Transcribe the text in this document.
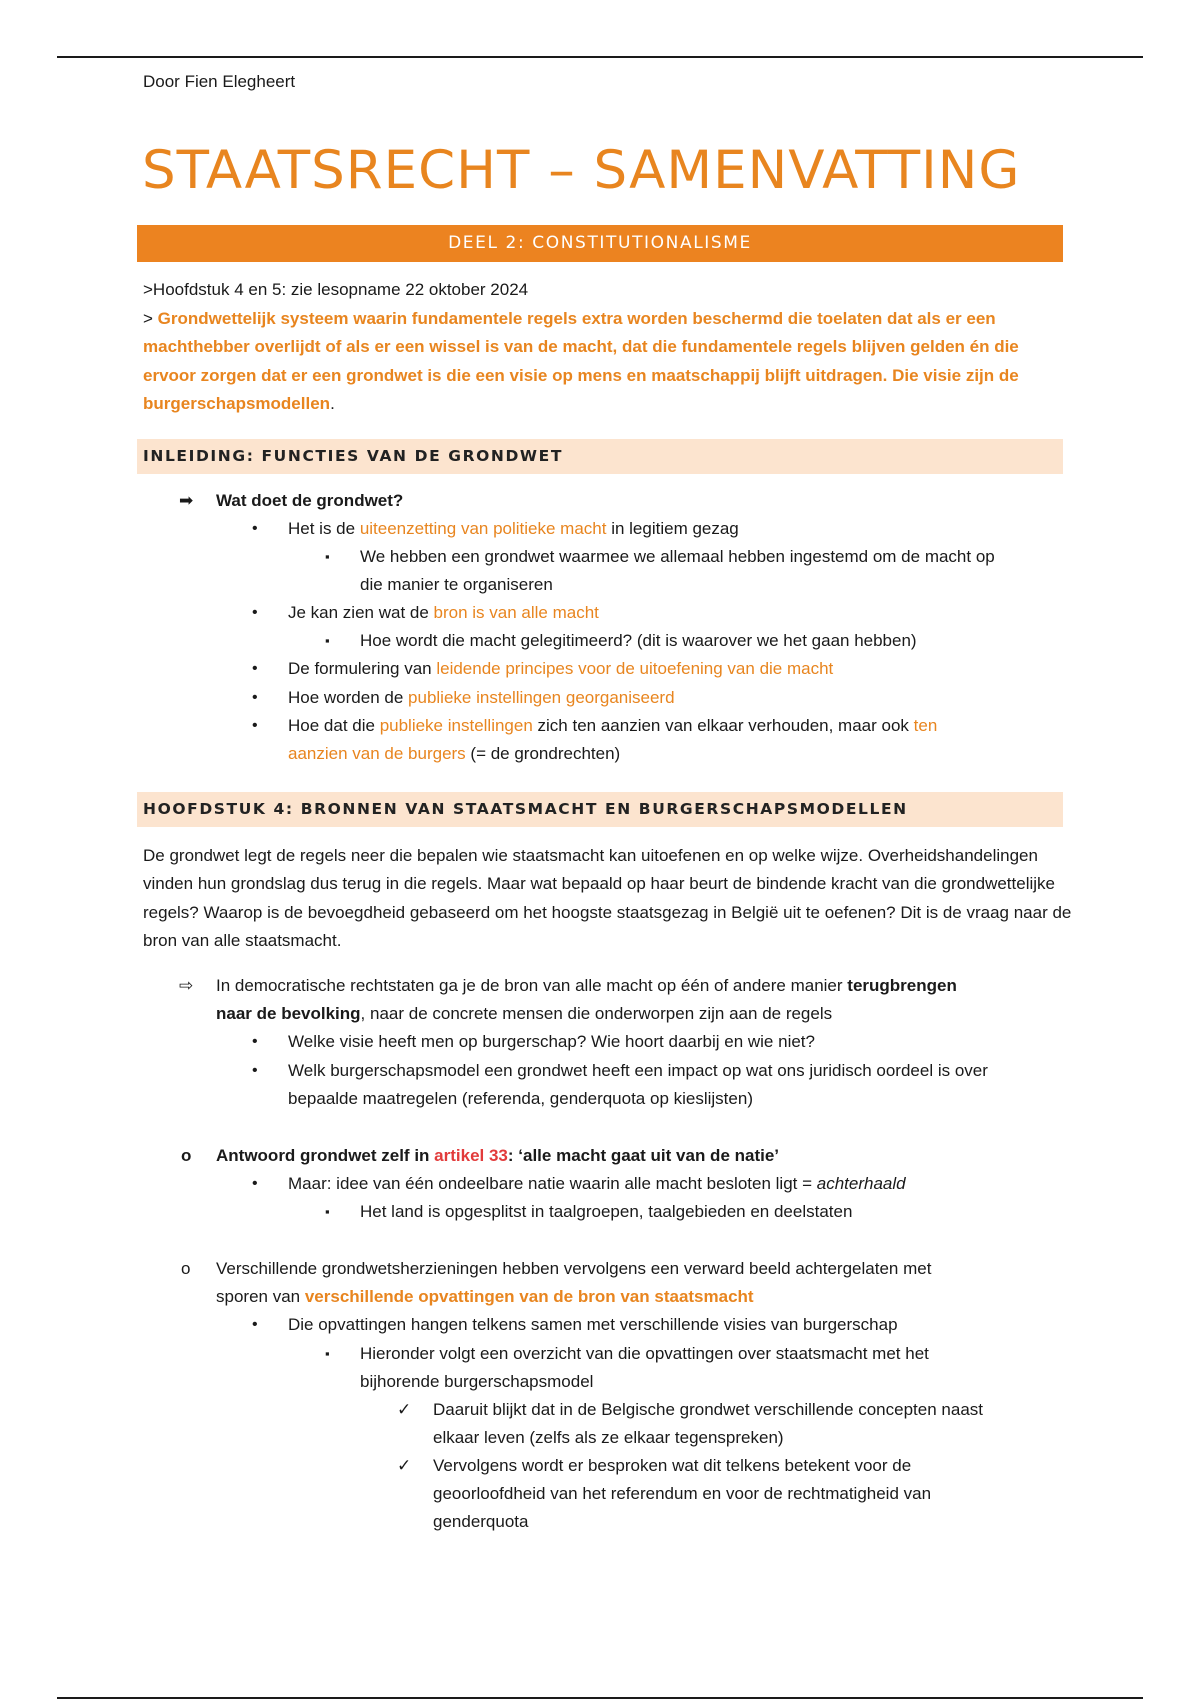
Door Fien Elegheert
STAATSRECHT – SAMENVATTING
DEEL 2: CONSTITUTIONALISME
>Hoofdstuk 4 en 5: zie lesopname 22 oktober 2024
> Grondwettelijk systeem waarin fundamentele regels extra worden beschermd die toelaten dat als er een machthebber overlijdt of als er een wissel is van de macht, dat die fundamentele regels blijven gelden én die ervoor zorgen dat er een grondwet is die een visie op mens en maatschappij blijft uitdragen. Die visie zijn de burgerschapsmodellen.
INLEIDING: FUNCTIES VAN DE GRONDWET
➡ Wat doet de grondwet?
• Het is de uiteenzetting van politieke macht in legitiem gezag
▪ We hebben een grondwet waarmee we allemaal hebben ingestemd om de macht op
die manier te organiseren
• Je kan zien wat de bron is van alle macht
▪ Hoe wordt die macht gelegitimeerd? (dit is waarover we het gaan hebben)
• De formulering van leidende principes voor de uitoefening van die macht
• Hoe worden de publieke instellingen georganiseerd
• Hoe dat die publieke instellingen zich ten aanzien van elkaar verhouden, maar ook ten
aanzien van de burgers (= de grondrechten)
HOOFDSTUK 4: BRONNEN VAN STAATSMACHT EN BURGERSCHAPSMODELLEN
De grondwet legt de regels neer die bepalen wie staatsmacht kan uitoefenen en op welke wijze. Overheidshandelingen vinden hun grondslag dus terug in die regels. Maar wat bepaald op haar beurt de bindende kracht van die grondwettelijke regels? Waarop is de bevoegdheid gebaseerd om het hoogste staatsgezag in België uit te oefenen? Dit is de vraag naar de bron van alle staatsmacht.
⇨ In democratische rechtstaten ga je de bron van alle macht op één of andere manier terugbrengen
naar de bevolking, naar de concrete mensen die onderworpen zijn aan de regels
• Welke visie heeft men op burgerschap? Wie hoort daarbij en wie niet?
• Welk burgerschapsmodel een grondwet heeft een impact op wat ons juridisch oordeel is over
bepaalde maatregelen (referenda, genderquota op kieslijsten)
o Antwoord grondwet zelf in artikel 33: ‘alle macht gaat uit van de natie’
• Maar: idee van één ondeelbare natie waarin alle macht besloten ligt = achterhaald
▪ Het land is opgesplitst in taalgroepen, taalgebieden en deelstaten
o Verschillende grondwetsherzieningen hebben vervolgens een verward beeld achtergelaten met
sporen van verschillende opvattingen van de bron van staatsmacht
• Die opvattingen hangen telkens samen met verschillende visies van burgerschap
▪ Hieronder volgt een overzicht van die opvattingen over staatsmacht met het
bijhorende burgerschapsmodel
✓ Daaruit blijkt dat in de Belgische grondwet verschillende concepten naast
elkaar leven (zelfs als ze elkaar tegenspreken)
✓ Vervolgens wordt er besproken wat dit telkens betekent voor de
geoorloofdheid van het referendum en voor de rechtmatigheid van
genderquota
